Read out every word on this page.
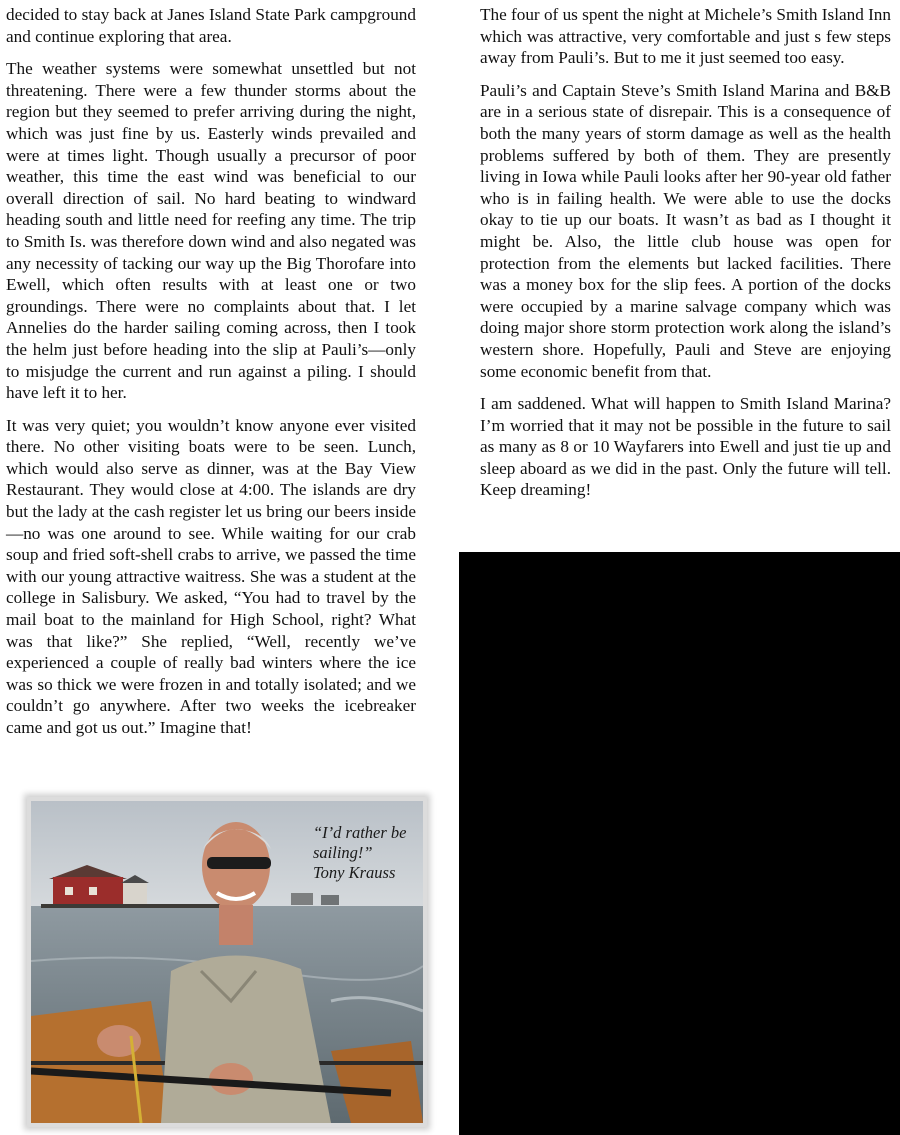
decided to stay back at Janes Island State Park campground and continue exploring that area.

The weather systems were somewhat unsettled but not threatening. There were a few thunder storms about the region but they seemed to prefer arriving during the night, which was just fine by us. Easterly winds prevailed and were at times light. Though usually a precursor of poor weather, this time the east wind was beneficial to our overall direction of sail. No hard beating to windward heading south and little need for reefing any time. The trip to Smith Is. was therefore down wind and also negated was any necessity of tacking our way up the Big Thorofare into Ewell, which often results with at least one or two groundings. There were no complaints about that. I let Annelies do the harder sailing coming across, then I took the helm just before heading into the slip at Pauli’s—only to misjudge the current and run against a piling. I should have left it to her.

It was very quiet; you wouldn’t know anyone ever visited there. No other visiting boats were to be seen. Lunch, which would also serve as dinner, was at the Bay View Restaurant. They would close at 4:00. The islands are dry but the lady at the cash register let us bring our beers inside—no was one around to see. While waiting for our crab soup and fried soft-shell crabs to arrive, we passed the time with our young attractive waitress. She was a student at the college in Salisbury. We asked, “You had to travel by the mail boat to the mainland for High School, right? What was that like?” She replied, “Well, recently we’ve experienced a couple of really bad winters where the ice was so thick we were frozen in and totally isolated; and we couldn’t go anywhere. After two weeks the icebreaker came and got us out.” Imagine that!

The four of us spent the night at Michele’s Smith Island Inn which was attractive, very comfortable and just s few steps away from Pauli’s. But to me it just seemed too easy.

Pauli’s and Captain Steve’s Smith Island Marina and B&B are in a serious state of disrepair. This is a consequence of both the many years of storm damage as well as the health problems suffered by both of them. They are presently living in Iowa while Pauli looks after her 90-year old father who is in failing health. We were able to use the docks okay to tie up our boats. It wasn’t as bad as I thought it might be. Also, the little club house was open for protection from the elements but lacked facilities. There was a money box for the slip fees. A portion of the docks were occupied by a marine salvage company which was doing major shore storm protection work along the island’s western shore. Hopefully, Pauli and Steve are enjoying some economic benefit from that.

I am saddened. What will happen to Smith Island Marina? I’m worried that it may not be possible in the future to sail as many as 8 or 10 Wayfarers into Ewell and just tie up and sleep aboard as we did in the past. Only the future will tell. Keep dreaming!

“I’d rather be
sailing!”
Tony Krauss
